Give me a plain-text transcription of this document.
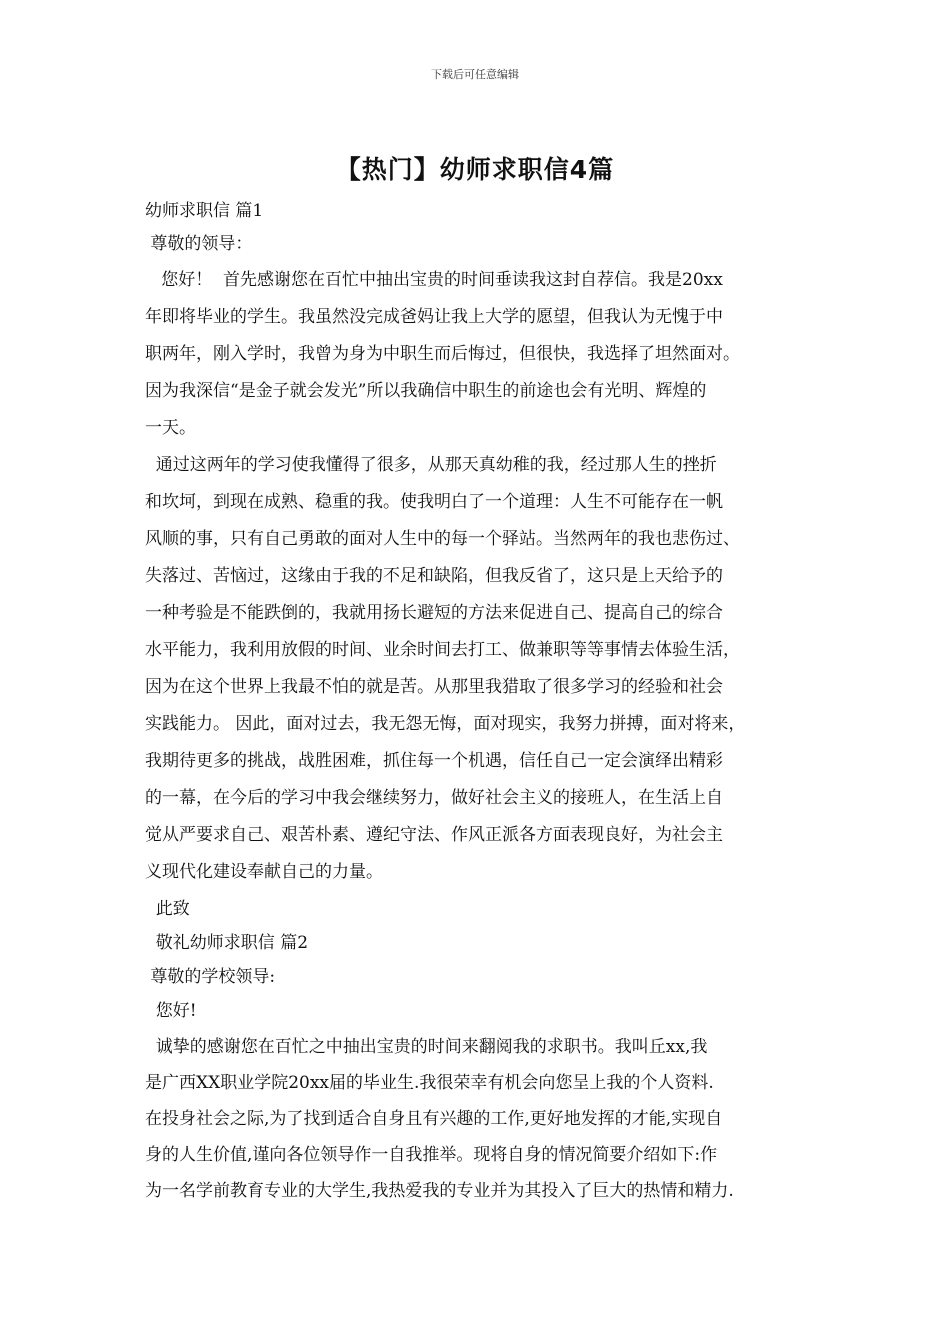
下载后可任意编辑
【热门】幼师求职信4篇
幼师求职信 篇1
尊敬的领导：
您好！  首先感谢您在百忙中抽出宝贵的时间垂读我这封自荐信。我是20xx
年即将毕业的学生。我虽然没完成爸妈让我上大学的愿望，但我认为无愧于中
职两年，刚入学时，我曾为身为中职生而后悔过，但很快，我选择了坦然面对。
因为我深信“是金子就会发光”所以我确信中职生的前途也会有光明、辉煌的
一天。
通过这两年的学习使我懂得了很多，从那天真幼稚的我，经过那人生的挫折
和坎坷，到现在成熟、稳重的我。使我明白了一个道理：人生不可能存在一帆
风顺的事，只有自己勇敢的面对人生中的每一个驿站。当然两年的我也悲伤过、
失落过、苦恼过，这缘由于我的不足和缺陷，但我反省了，这只是上天给予的
一种考验是不能跌倒的，我就用扬长避短的方法来促进自己、提高自己的综合
水平能力，我利用放假的时间、业余时间去打工、做兼职等等事情去体验生活，
因为在这个世界上我最不怕的就是苦。从那里我猎取了很多学习的经验和社会
实践能力。 因此，面对过去，我无怨无悔，面对现实，我努力拼搏，面对将来，
我期待更多的挑战，战胜困难，抓住每一个机遇，信任自己一定会演绎出精彩
的一幕，在今后的学习中我会继续努力，做好社会主义的接班人，在生活上自
觉从严要求自己、艰苦朴素、遵纪守法、作风正派各方面表现良好，为社会主
义现代化建设奉献自己的力量。
此致
敬礼幼师求职信 篇2
尊敬的学校领导:
您好!
诚挚的感谢您在百忙之中抽出宝贵的时间来翻阅我的求职书。我叫丘xx,我
是广西XX职业学院20xx届的毕业生.我很荣幸有机会向您呈上我的个人资料.
在投身社会之际,为了找到适合自身且有兴趣的工作,更好地发挥的才能,实现自
身的人生价值,谨向各位领导作一自我推举。现将自身的情况简要介绍如下:作
为一名学前教育专业的大学生,我热爱我的专业并为其投入了巨大的热情和精力.
